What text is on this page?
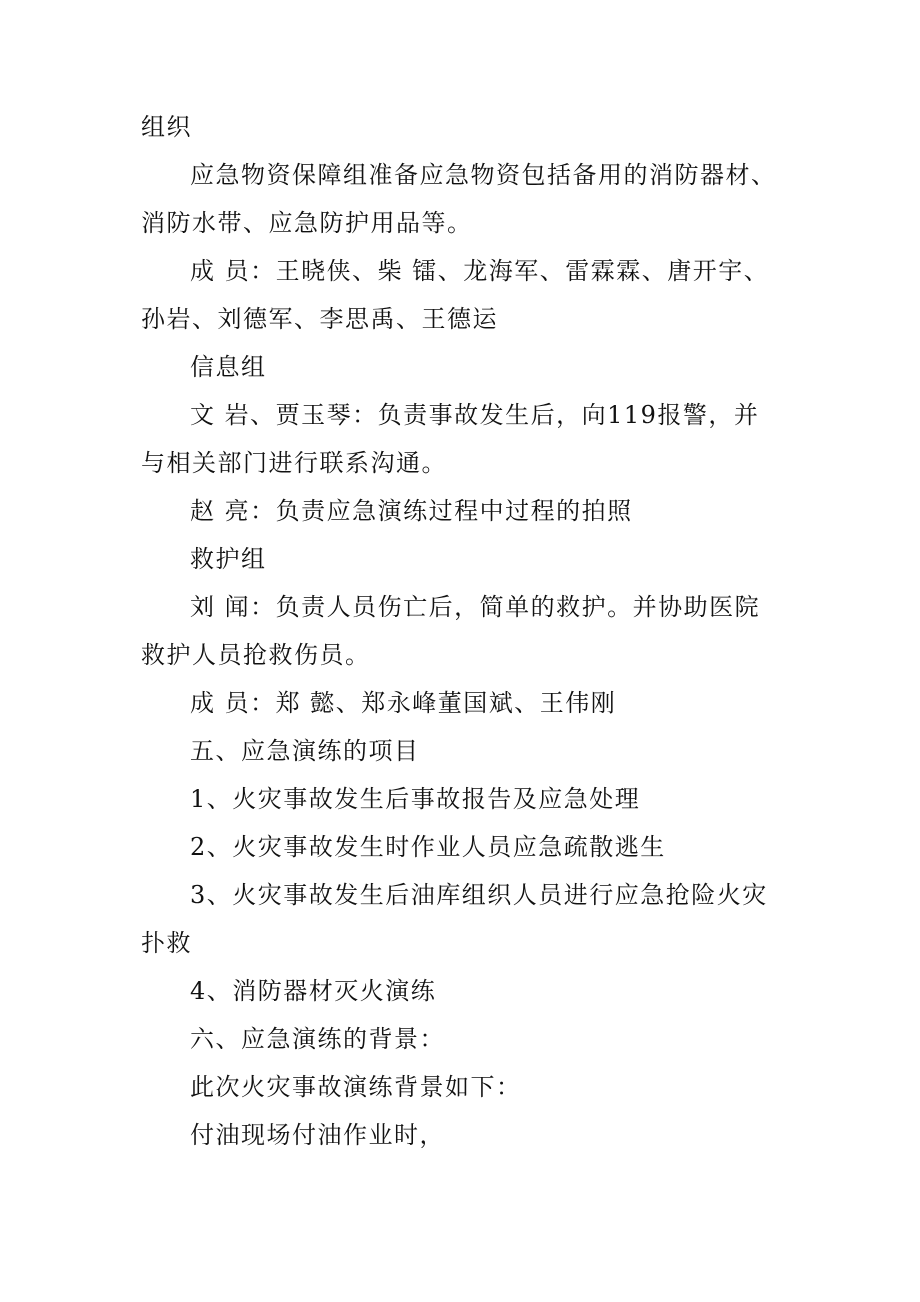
组织

应急物资保障组准备应急物资包括备用的消防器材、消防水带、应急防护用品等。

成 员：王晓侠、柴 镭、龙海军、雷霖霖、唐开宇、孙岩、刘德军、李思禹、王德运

信息组

文 岩、贾玉琴：负责事故发生后，向119报警，并与相关部门进行联系沟通。

赵 亮：负责应急演练过程中过程的拍照

救护组

刘 闻：负责人员伤亡后，简单的救护。并协助医院救护人员抢救伤员。

成 员：郑 懿、郑永峰董国斌、王伟刚

五、应急演练的项目

1、火灾事故发生后事故报告及应急处理

2、火灾事故发生时作业人员应急疏散逃生

3、火灾事故发生后油库组织人员进行应急抢险火灾扑救

4、消防器材灭火演练

六、应急演练的背景：

此次火灾事故演练背景如下：

付油现场付油作业时，
